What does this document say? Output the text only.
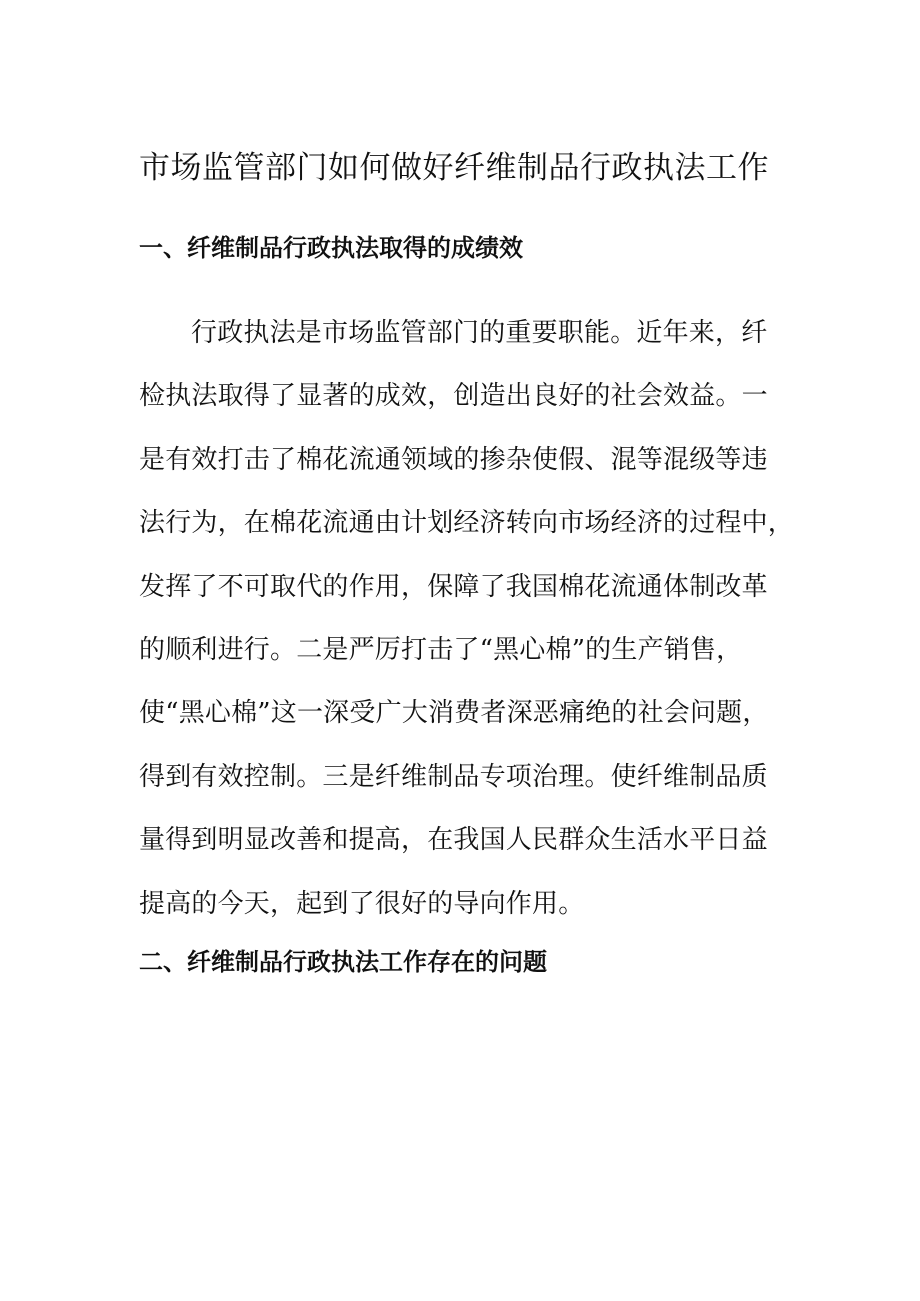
市场监管部门如何做好纤维制品行政执法工作
一、纤维制品行政执法取得的成绩效
行政执法是市场监管部门的重要职能。近年来，纤
检执法取得了显著的成效，创造出良好的社会效益。一
是有效打击了棉花流通领域的掺杂使假、混等混级等违
法行为，在棉花流通由计划经济转向市场经济的过程中，
发挥了不可取代的作用，保障了我国棉花流通体制改革
的顺利进行。二是严厉打击了“黑心棉”的生产销售，
使“黑心棉”这一深受广大消费者深恶痛绝的社会问题，
得到有效控制。三是纤维制品专项治理。使纤维制品质
量得到明显改善和提高，在我国人民群众生活水平日益
提高的今天，起到了很好的导向作用。
二、纤维制品行政执法工作存在的问题
